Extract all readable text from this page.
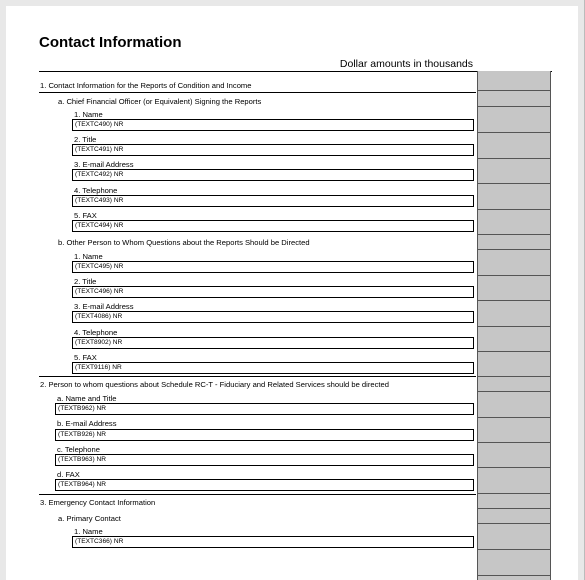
Contact Information
Dollar amounts in thousands
1. Contact Information for the Reports of Condition and Income
a. Chief Financial Officer (or Equivalent) Signing the Reports
1. Name
(TEXTC490) NR
2. Title
(TEXTC491) NR
3. E-mail Address
(TEXTC492) NR
4. Telephone
(TEXTC493) NR
5. FAX
(TEXTC494) NR
b. Other Person to Whom Questions about the Reports Should be Directed
1. Name
(TEXTC495) NR
2. Title
(TEXTC496) NR
3. E-mail Address
(TEXT4086) NR
4. Telephone
(TEXT8902) NR
5. FAX
(TEXT9116) NR
2. Person to whom questions about Schedule RC-T - Fiduciary and Related Services should be directed
a. Name and Title
(TEXTB962) NR
b. E-mail Address
(TEXTB926) NR
c. Telephone
(TEXTB963) NR
d. FAX
(TEXTB964) NR
3. Emergency Contact Information
a. Primary Contact
1. Name
(TEXTC366) NR
